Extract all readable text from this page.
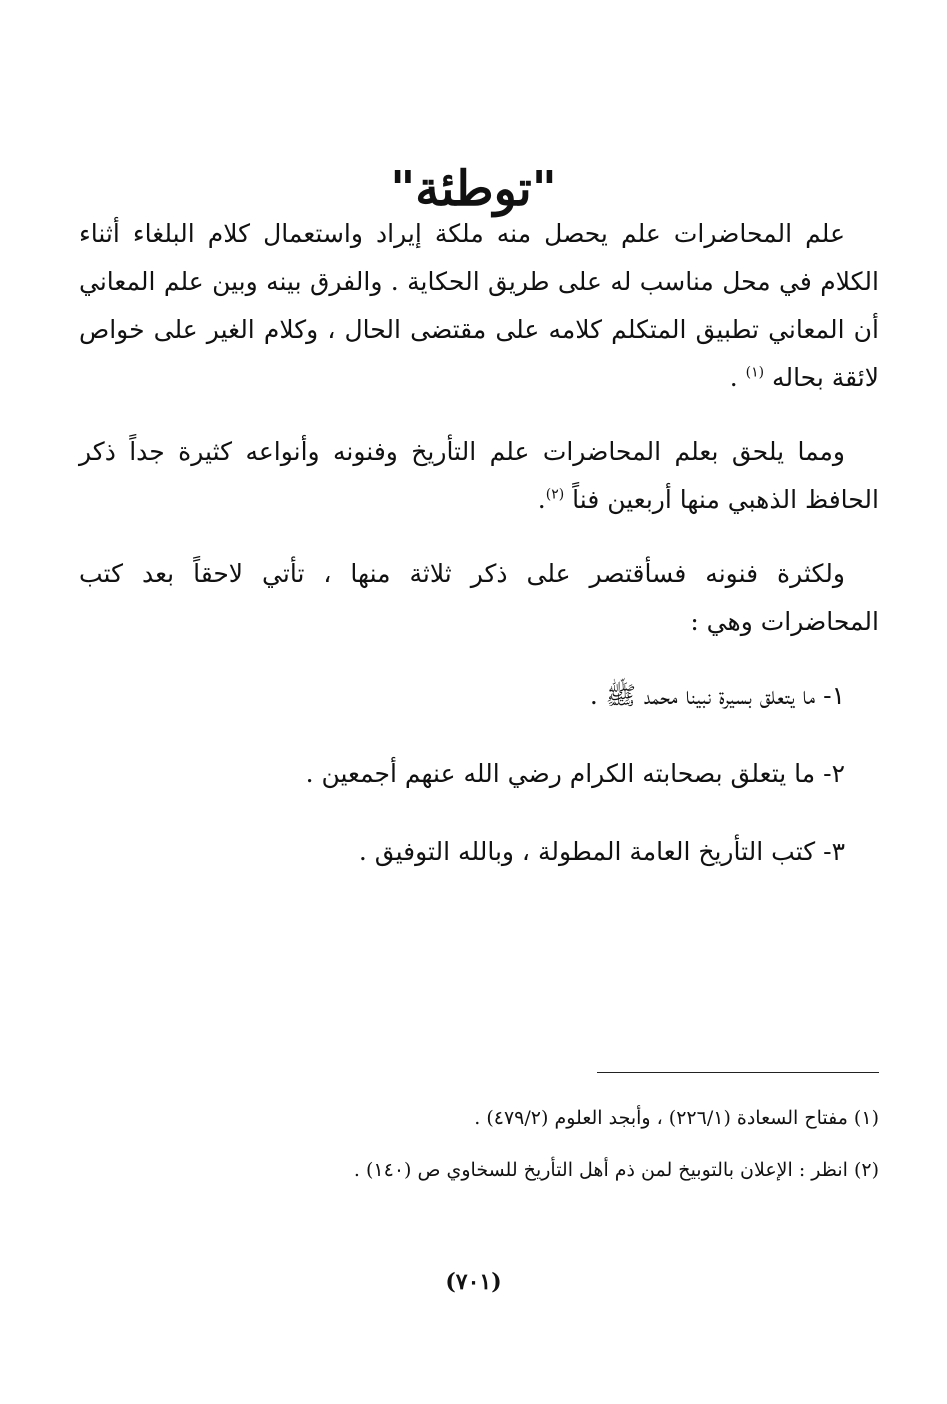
"توطئة"

علم المحاضرات علم يحصل منه ملكة إيراد واستعمال كلام البلغاء أثناء الكلام في محل مناسب له على طريق الحكاية . والفرق بينه وبين علم المعاني أن المعاني تطبيق المتكلم كلامه على مقتضى الحال ، وكلام الغير على خواص لائقة بحاله $^{(١)}$ .

ومما يلحق بعلم المحاضرات علم التأريخ وفنونه وأنواعه كثيرة جداً ذكر الحافظ الذهبي منها أربعين فناً $^{(٢)}$.

ولكثرة فنونه فسأقتصر على ذكر ثلاثة منها ، تأتي لاحقاً بعد كتب المحاضرات وهي :

١- ما يتعلق بسيرة نبينا محمد ﷺ .
٢- ما يتعلق بصحابته الكرام رضي الله عنهم أجمعين .
٣- كتب التأريخ العامة المطولة ، وبالله التوفيق .

(١) مفتاح السعادة (٢٢٦/١) ، وأبجد العلوم (٤٧٩/٢) .

(٢) انظر : الإعلان بالتوبيخ لمن ذم أهل التأريخ للسخاوي ص (١٤٠) .

(٧٠١)
